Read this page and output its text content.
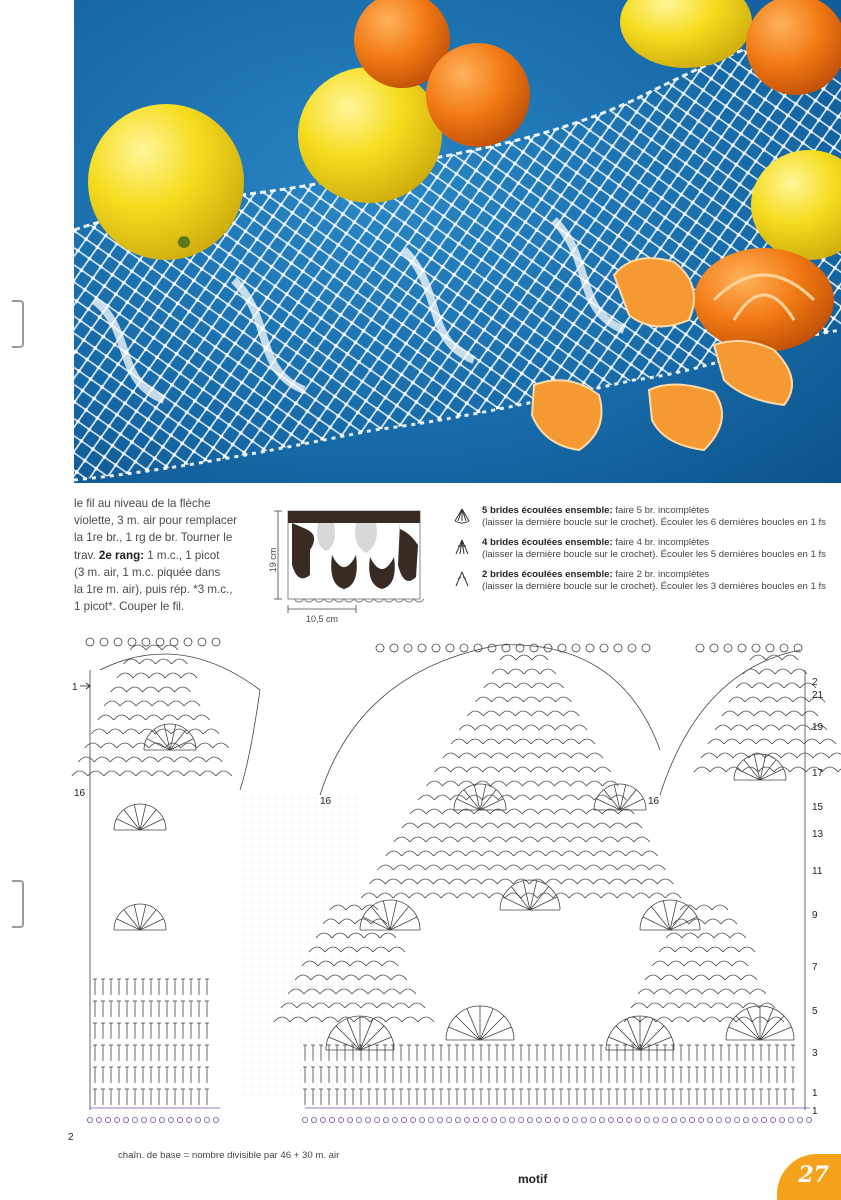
le fil au niveau de la flèche
violette, 3 m. air pour remplacer
la 1re br., 1 rg de br. Tourner le
trav. 2e rang: 1 m.c., 1 picot
(3 m. air, 1 m.c. piquée dans
la 1re m. air), puis rép. *3 m.c.,
1 picot*. Couper le fil.
19 cm
10,5 cm
5 brides écoulées ensemble: faire 5 br. incomplètes
(laisser la dernière boucle sur le crochet). Écouler les 6 dernières boucles en 1 fs
4 brides écoulées ensemble: faire 4 br. incomplètes
(laisser la dernière boucle sur le crochet). Écouler les 5 dernières boucles en 1 fs
2 brides écoulées ensemble: faire 2 br. incomplètes
(laisser la dernière boucle sur le crochet). Écouler les 3 dernières boucles en 1 fs
1
16
2
16	16
2
21
19
17
15
13
11
9
7
5
3
1
1
chaîn. de base = nombre divisible par 46 + 30 m. air
motif	27
